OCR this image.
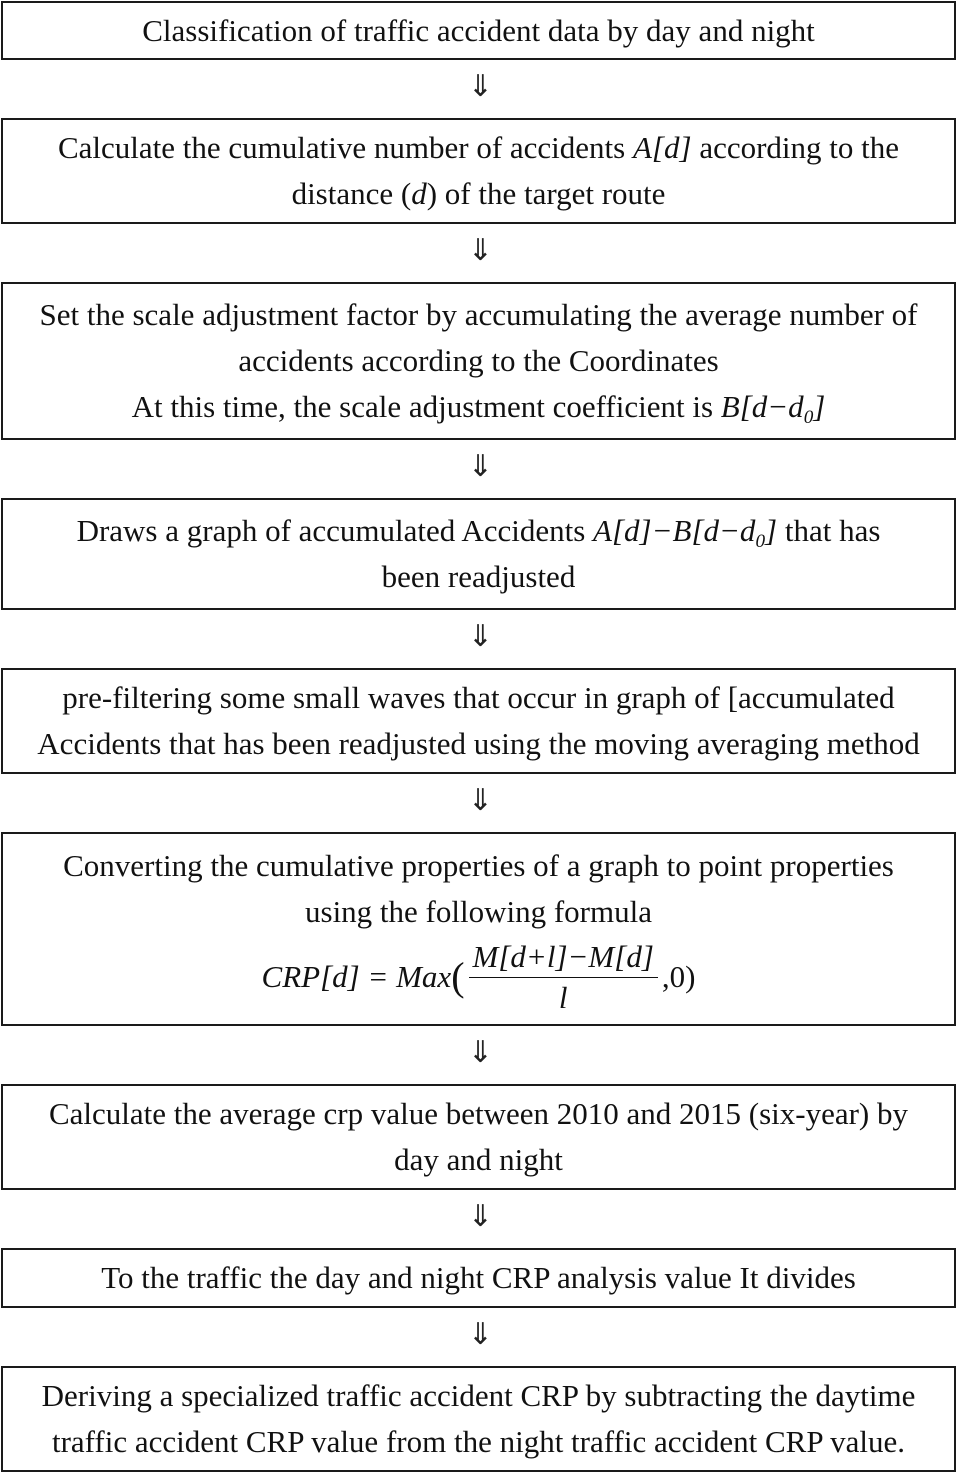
Classification of traffic accident data by day and night
⇓
Calculate the cumulative number of accidents A[d] according to the
distance (d) of the target route
⇓
Set the scale adjustment factor by accumulating the average number of
accidents according to the Coordinates
At this time, the scale adjustment coefficient is $B[d-d_0]$
⇓
Draws a graph of accumulated Accidents $A[d]-B[d-d_0]$ that has
been readjusted
⇓
pre-filtering some small waves that occur in graph of [accumulated
Accidents that has been readjusted using the moving averaging method
⇓
Converting the cumulative properties of a graph to point properties
using the following formula
CRP[d] = Max ( $\frac{M[d+l]-M[d]}{l} ,0$)
⇓
Calculate the average crp value between 2010 and 2015 (six-year) by
day and night
⇓
To the traffic the day and night CRP analysis value It divides
⇓
Deriving a specialized traffic accident CRP by subtracting the daytime
traffic accident CRP value from the night traffic accident CRP value.
